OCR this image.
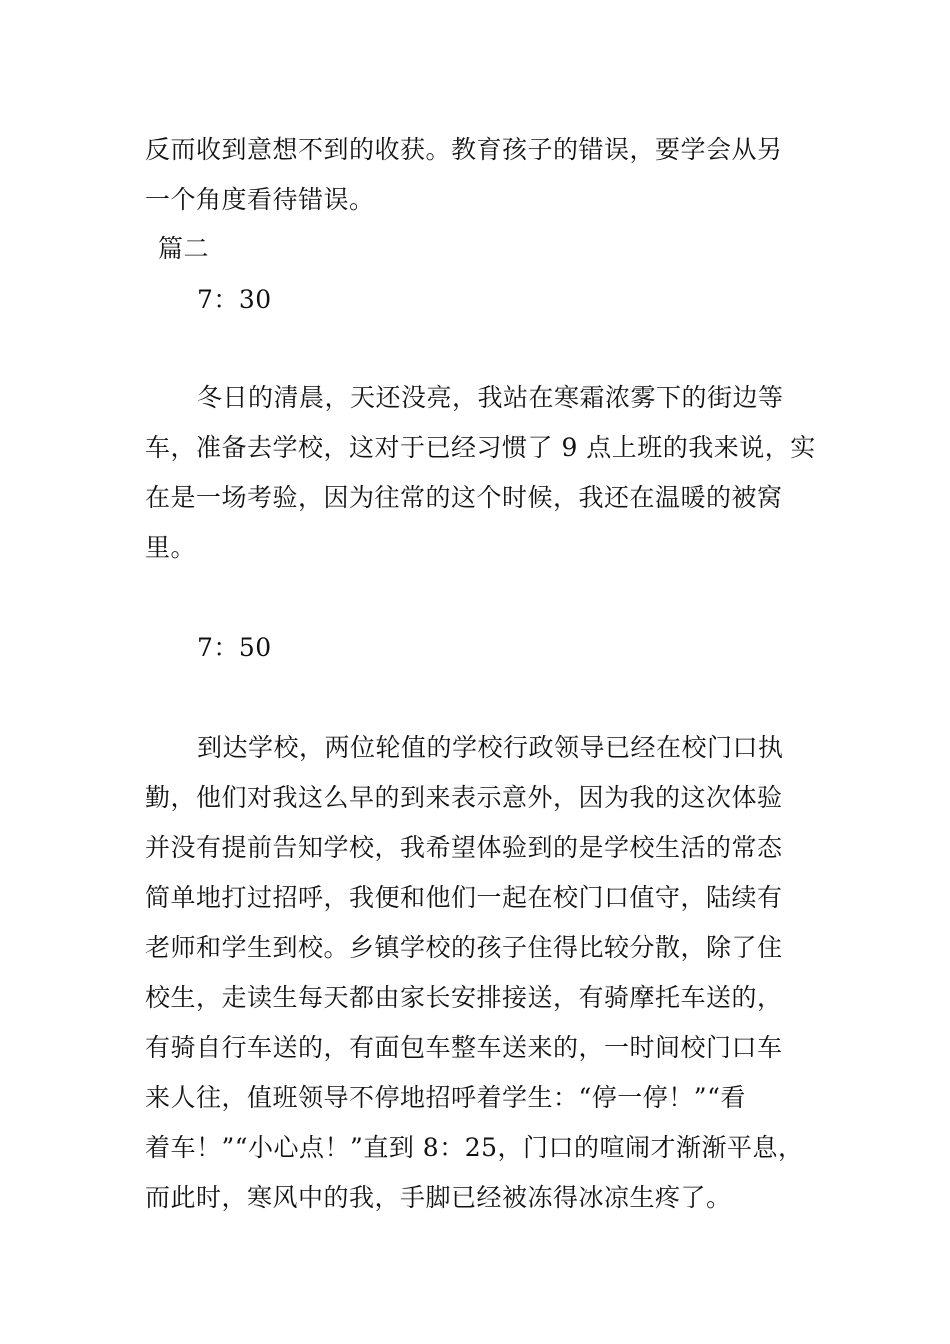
反而收到意想不到的收获。教育孩子的错误，要学会从另
一个角度看待错误。
篇二
7：30
冬日的清晨，天还没亮，我站在寒霜浓雾下的街边等
车，准备去学校，这对于已经习惯了 9 点上班的我来说，实
在是一场考验，因为往常的这个时候，我还在温暖的被窝
里。
7：50
到达学校，两位轮值的学校行政领导已经在校门口执
勤，他们对我这么早的到来表示意外，因为我的这次体验
并没有提前告知学校，我希望体验到的是学校生活的常态
简单地打过招呼，我便和他们一起在校门口值守，陆续有
老师和学生到校。乡镇学校的孩子住得比较分散，除了住
校生，走读生每天都由家长安排接送，有骑摩托车送的，
有骑自行车送的，有面包车整车送来的，一时间校门口车
来人往，值班领导不停地招呼着学生：“停一停！”“看
着车！”“小心点！”直到 8：25，门口的喧闹才渐渐平息，
而此时，寒风中的我，手脚已经被冻得冰凉生疼了。
